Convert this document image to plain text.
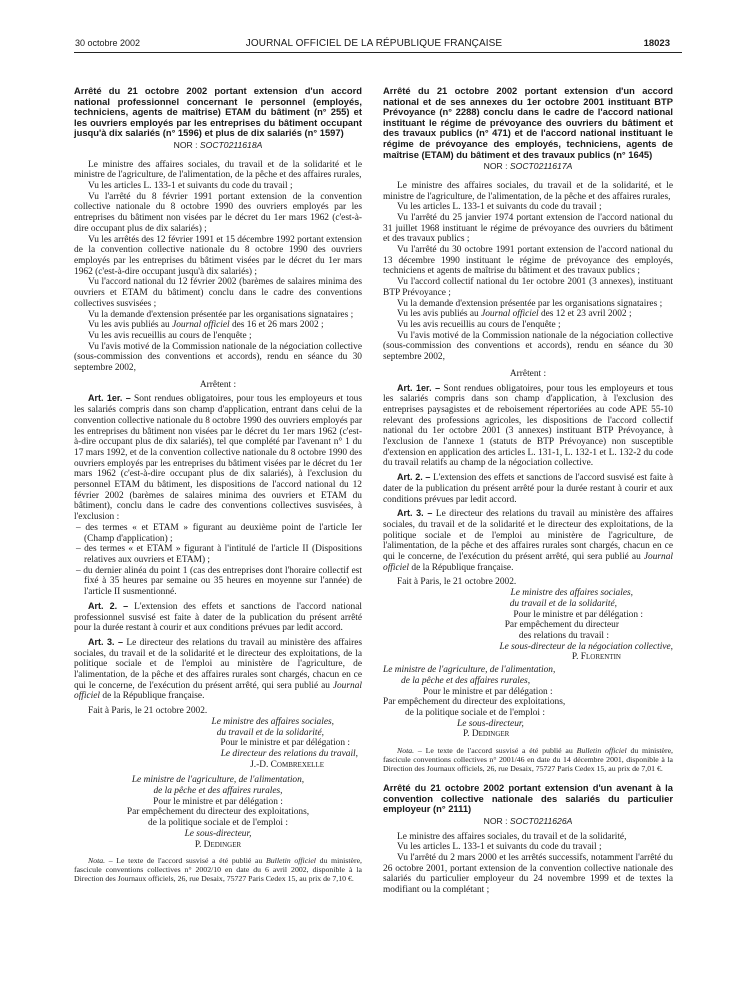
30 octobre 2002	JOURNAL OFFICIEL DE LA RÉPUBLIQUE FRANÇAISE	18023
Arrêté du 21 octobre 2002 portant extension d'un accord national professionnel concernant le personnel (employés, techniciens, agents de maîtrise) ETAM du bâtiment (n° 255) et les ouvriers employés par les entreprises du bâtiment occupant jusqu'à dix salariés (n° 1596) et plus de dix salariés (n° 1597)
NOR : SOCT0211618A

Le ministre des affaires sociales, du travail et de la solidarité et le ministre de l'agriculture, de l'alimentation, de la pêche et des affaires rurales,

Vu les articles L. 133-1 et suivants du code du travail ;

Vu l'arrêté du 8 février 1991 portant extension de la convention collective nationale du 8 octobre 1990 des ouvriers employés par les entreprises du bâtiment non visées par le décret du 1er mars 1962 (c'est-à-dire occupant plus de dix salariés) ;

Vu les arrêtés des 12 février 1991 et 15 décembre 1992 portant extension de la convention collective nationale du 8 octobre 1990 des ouvriers employés par les entreprises du bâtiment visées par le décret du 1er mars 1962 (c'est-à-dire occupant jusqu'à dix salariés) ;

Vu l'accord national du 12 février 2002 (barèmes de salaires minima des ouvriers et ETAM du bâtiment) conclu dans le cadre des conventions collectives susvisées ;

Vu la demande d'extension présentée par les organisations signataires ;

Vu les avis publiés au Journal officiel des 16 et 26 mars 2002 ;

Vu les avis recueillis au cours de l'enquête ;

Vu l'avis motivé de la Commission nationale de la négociation collective (sous-commission des conventions et accords), rendu en séance du 30 septembre 2002,

Arrêtent :

Art. 1er. – Sont rendues obligatoires, pour tous les employeurs et tous les salariés compris dans son champ d'application, entrant dans celui de la convention collective nationale du 8 octobre 1990 des ouvriers employés par les entreprises du bâtiment non visées par le décret du 1er mars 1962 (c'est-à-dire occupant plus de dix salariés), tel que complété par l'avenant n° 1 du 17 mars 1992, et de la convention collective nationale du 8 octobre 1990 des ouvriers employés par les entreprises du bâtiment visées par le décret du 1er mars 1962 (c'est-à-dire occupant plus de dix salariés), à l'exclusion du personnel ETAM du bâtiment, les dispositions de l'accord national du 12 février 2002 (barèmes de salaires minima des ouvriers et ETAM du bâtiment), conclu dans le cadre des conventions collectives susvisées, à l'exclusion :

– des termes « et ETAM » figurant au deuxième point de l'article Ier (Champ d'application) ;

– des termes « et ETAM » figurant à l'intitulé de l'article II (Dispositions relatives aux ouvriers et ETAM) ;

– du dernier alinéa du point 1 (cas des entreprises dont l'horaire collectif est fixé à 35 heures par semaine ou 35 heures en moyenne sur l'année) de l'article II susmentionné.

Art. 2. – L'extension des effets et sanctions de l'accord national professionnel susvisé est faite à dater de la publication du présent arrêté pour la durée restant à courir et aux conditions prévues par ledit accord.

Art. 3. – Le directeur des relations du travail au ministère des affaires sociales, du travail et de la solidarité et le directeur des exploitations, de la politique sociale et de l'emploi au ministère de l'agriculture, de l'alimentation, de la pêche et des affaires rurales sont chargés, chacun en ce qui le concerne, de l'exécution du présent arrêté, qui sera publié au Journal officiel de la République française.

Fait à Paris, le 21 octobre 2002.

Le ministre des affaires sociales,
du travail et de la solidarité,
Pour le ministre et par délégation :
Le directeur des relations du travail,
J.-D. Combrexelle
Le ministre de l'agriculture, de l'alimentation,
de la pêche et des affaires rurales,
Pour le ministre et par délégation :
Par empêchement du directeur des exploitations,
de la politique sociale et de l'emploi :
Le sous-directeur,
P. Dedinger

Nota. – Le texte de l'accord susvisé a été publié au Bulletin officiel du ministère, fascicule conventions collectives n° 2002/10 en date du 6 avril 2002, disponible à la Direction des Journaux officiels, 26, rue Desaix, 75727 Paris Cedex 15, au prix de 7,10 €.

Arrêté du 21 octobre 2002 portant extension d'un accord national et de ses annexes du 1er octobre 2001 instituant BTP Prévoyance (n° 2288) conclu dans le cadre de l'accord national instituant le régime de prévoyance des ouvriers du bâtiment et des travaux publics (n° 471) et de l'accord national instituant le régime de prévoyance des employés, techniciens, agents de maîtrise (ETAM) du bâtiment et des travaux publics (n° 1645)
NOR : SOCT0211617A

Le ministre des affaires sociales, du travail et de la solidarité, et le ministre de l'agriculture, de l'alimentation, de la pêche et des affaires rurales,

Vu les articles L. 133-1 et suivants du code du travail ;

Vu l'arrêté du 25 janvier 1974 portant extension de l'accord national du 31 juillet 1968 instituant le régime de prévoyance des ouvriers du bâtiment et des travaux publics ;

Vu l'arrêté du 30 octobre 1991 portant extension de l'accord national du 13 décembre 1990 instituant le régime de prévoyance des employés, techniciens et agents de maîtrise du bâtiment et des travaux publics ;

Vu l'accord collectif national du 1er octobre 2001 (3 annexes), instituant BTP Prévoyance ;

Vu la demande d'extension présentée par les organisations signataires ;

Vu les avis publiés au Journal officiel des 12 et 23 avril 2002 ;

Vu les avis recueillis au cours de l'enquête ;

Vu l'avis motivé de la Commission nationale de la négociation collective (sous-commission des conventions et accords), rendu en séance du 30 septembre 2002,

Arrêtent :

Art. 1er. – Sont rendues obligatoires, pour tous les employeurs et tous les salariés compris dans son champ d'application, à l'exclusion des entreprises paysagistes et de reboisement répertoriées au code APE 55-10 relevant des professions agricoles, les dispositions de l'accord collectif national du 1er octobre 2001 (3 annexes) instituant BTP Prévoyance, à l'exclusion de l'annexe 1 (statuts de BTP Prévoyance) non susceptible d'extension en application des articles L. 131-1, L. 132-1 et L. 132-2 du code du travail relatifs au champ de la négociation collective.

Art. 2. – L'extension des effets et sanctions de l'accord susvisé est faite à dater de la publication du présent arrêté pour la durée restant à courir et aux conditions prévues par ledit accord.

Art. 3. – Le directeur des relations du travail au ministère des affaires sociales, du travail et de la solidarité et le directeur des exploitations, de la politique sociale et de l'emploi au ministère de l'agriculture, de l'alimentation, de la pêche et des affaires rurales sont chargés, chacun en ce qui le concerne, de l'exécution du présent arrêté, qui sera publié au Journal officiel de la République française.

Fait à Paris, le 21 octobre 2002.

Le ministre des affaires sociales,
du travail et de la solidarité,
Pour le ministre et par délégation :
Par empêchement du directeur
des relations du travail :
Le sous-directeur de la négociation collective,
P. Florentin
Le ministre de l'agriculture, de l'alimentation,
de la pêche et des affaires rurales,
Pour le ministre et par délégation :
Par empêchement du directeur des exploitations,
de la politique sociale et de l'emploi :
Le sous-directeur,
P. Dedinger

Nota. – Le texte de l'accord susvisé a été publié au Bulletin officiel du ministère, fascicule conventions collectives n° 2001/46 en date du 14 décembre 2001, disponible à la Direction des Journaux officiels, 26, rue Desaix, 75727 Paris Cedex 15, au prix de 7,01 €.

Arrêté du 21 octobre 2002 portant extension d'un avenant à la convention collective nationale des salariés du particulier employeur (n° 2111)
NOR : SOCT0211626A

Le ministre des affaires sociales, du travail et de la solidarité,

Vu les articles L. 133-1 et suivants du code du travail ;

Vu l'arrêté du 2 mars 2000 et les arrêtés successifs, notamment l'arrêté du 26 octobre 2001, portant extension de la convention collective nationale des salariés du particulier employeur du 24 novembre 1999 et de textes la modifiant ou la complétant ;
